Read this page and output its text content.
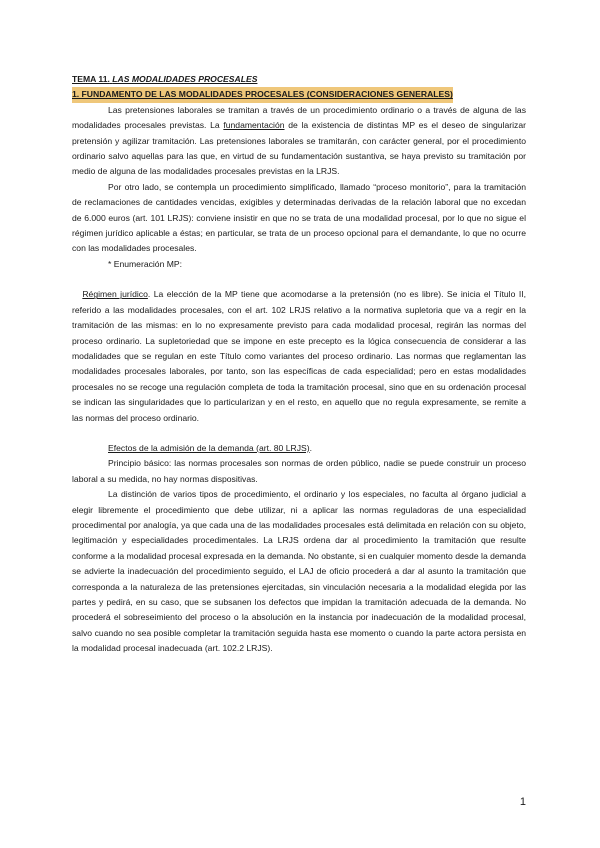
TEMA 11. LAS MODALIDADES PROCESALES
1. FUNDAMENTO DE LAS MODALIDADES PROCESALES (CONSIDERACIONES GENERALES)

Las pretensiones laborales se tramitan a través de un procedimiento ordinario o a través de alguna de las modalidades procesales previstas. La fundamentación de la existencia de distintas MP es el deseo de singularizar pretensión y agilizar tramitación. Las pretensiones laborales se tramitarán, con carácter general, por el procedimiento ordinario salvo aquellas para las que, en virtud de su fundamentación sustantiva, se haya previsto su tramitación por medio de alguna de las modalidades procesales previstas en la LRJS.

Por otro lado, se contempla un procedimiento simplificado, llamado “proceso monitorio”, para la tramitación de reclamaciones de cantidades vencidas, exigibles y determinadas derivadas de la relación laboral que no excedan de 6.000 euros (art. 101 LRJS): conviene insistir en que no se trata de una modalidad procesal, por lo que no sigue el régimen jurídico aplicable a éstas; en particular, se trata de un proceso opcional para el demandante, lo que no ocurre con las modalidades procesales.

* Enumeración MP:

Régimen jurídico. La elección de la MP tiene que acomodarse a la pretensión (no es libre). Se inicia el Título II, referido a las modalidades procesales, con el art. 102 LRJS relativo a la normativa supletoria que va a regir en la tramitación de las mismas: en lo no expresamente previsto para cada modalidad procesal, regirán las normas del proceso ordinario. La supletoriedad que se impone en este precepto es la lógica consecuencia de considerar a las modalidades que se regulan en este Título como variantes del proceso ordinario. Las normas que reglamentan las modalidades procesales laborales, por tanto, son las específicas de cada especialidad; pero en estas modalidades procesales no se recoge una regulación completa de toda la tramitación procesal, sino que en su ordenación procesal se indican las singularidades que lo particularizan y en el resto, en aquello que no regula expresamente, se remite a las normas del proceso ordinario.

Efectos de la admisión de la demanda (art. 80 LRJS).

Principio básico: las normas procesales son normas de orden público, nadie se puede construir un proceso laboral a su medida, no hay normas dispositivas.

La distinción de varios tipos de procedimiento, el ordinario y los especiales, no faculta al órgano judicial a elegir libremente el procedimiento que debe utilizar, ni a aplicar las normas reguladoras de una especialidad procedimental por analogía, ya que cada una de las modalidades procesales está delimitada en relación con su objeto, legitimación y especialidades procedimentales. La LRJS ordena dar al procedimiento la tramitación que resulte conforme a la modalidad procesal expresada en la demanda. No obstante, si en cualquier momento desde la demanda se advierte la inadecuación del procedimiento seguido, el LAJ de oficio procederá a dar al asunto la tramitación que corresponda a la naturaleza de las pretensiones ejercitadas, sin vinculación necesaria a la modalidad elegida por las partes y pedirá, en su caso, que se subsanen los defectos que impidan la tramitación adecuada de la demanda. No procederá el sobreseimiento del proceso o la absolución en la instancia por inadecuación de la modalidad procesal, salvo cuando no sea posible completar la tramitación seguida hasta ese momento o cuando la parte actora persista en la modalidad procesal inadecuada (art. 102.2 LRJS).

1
